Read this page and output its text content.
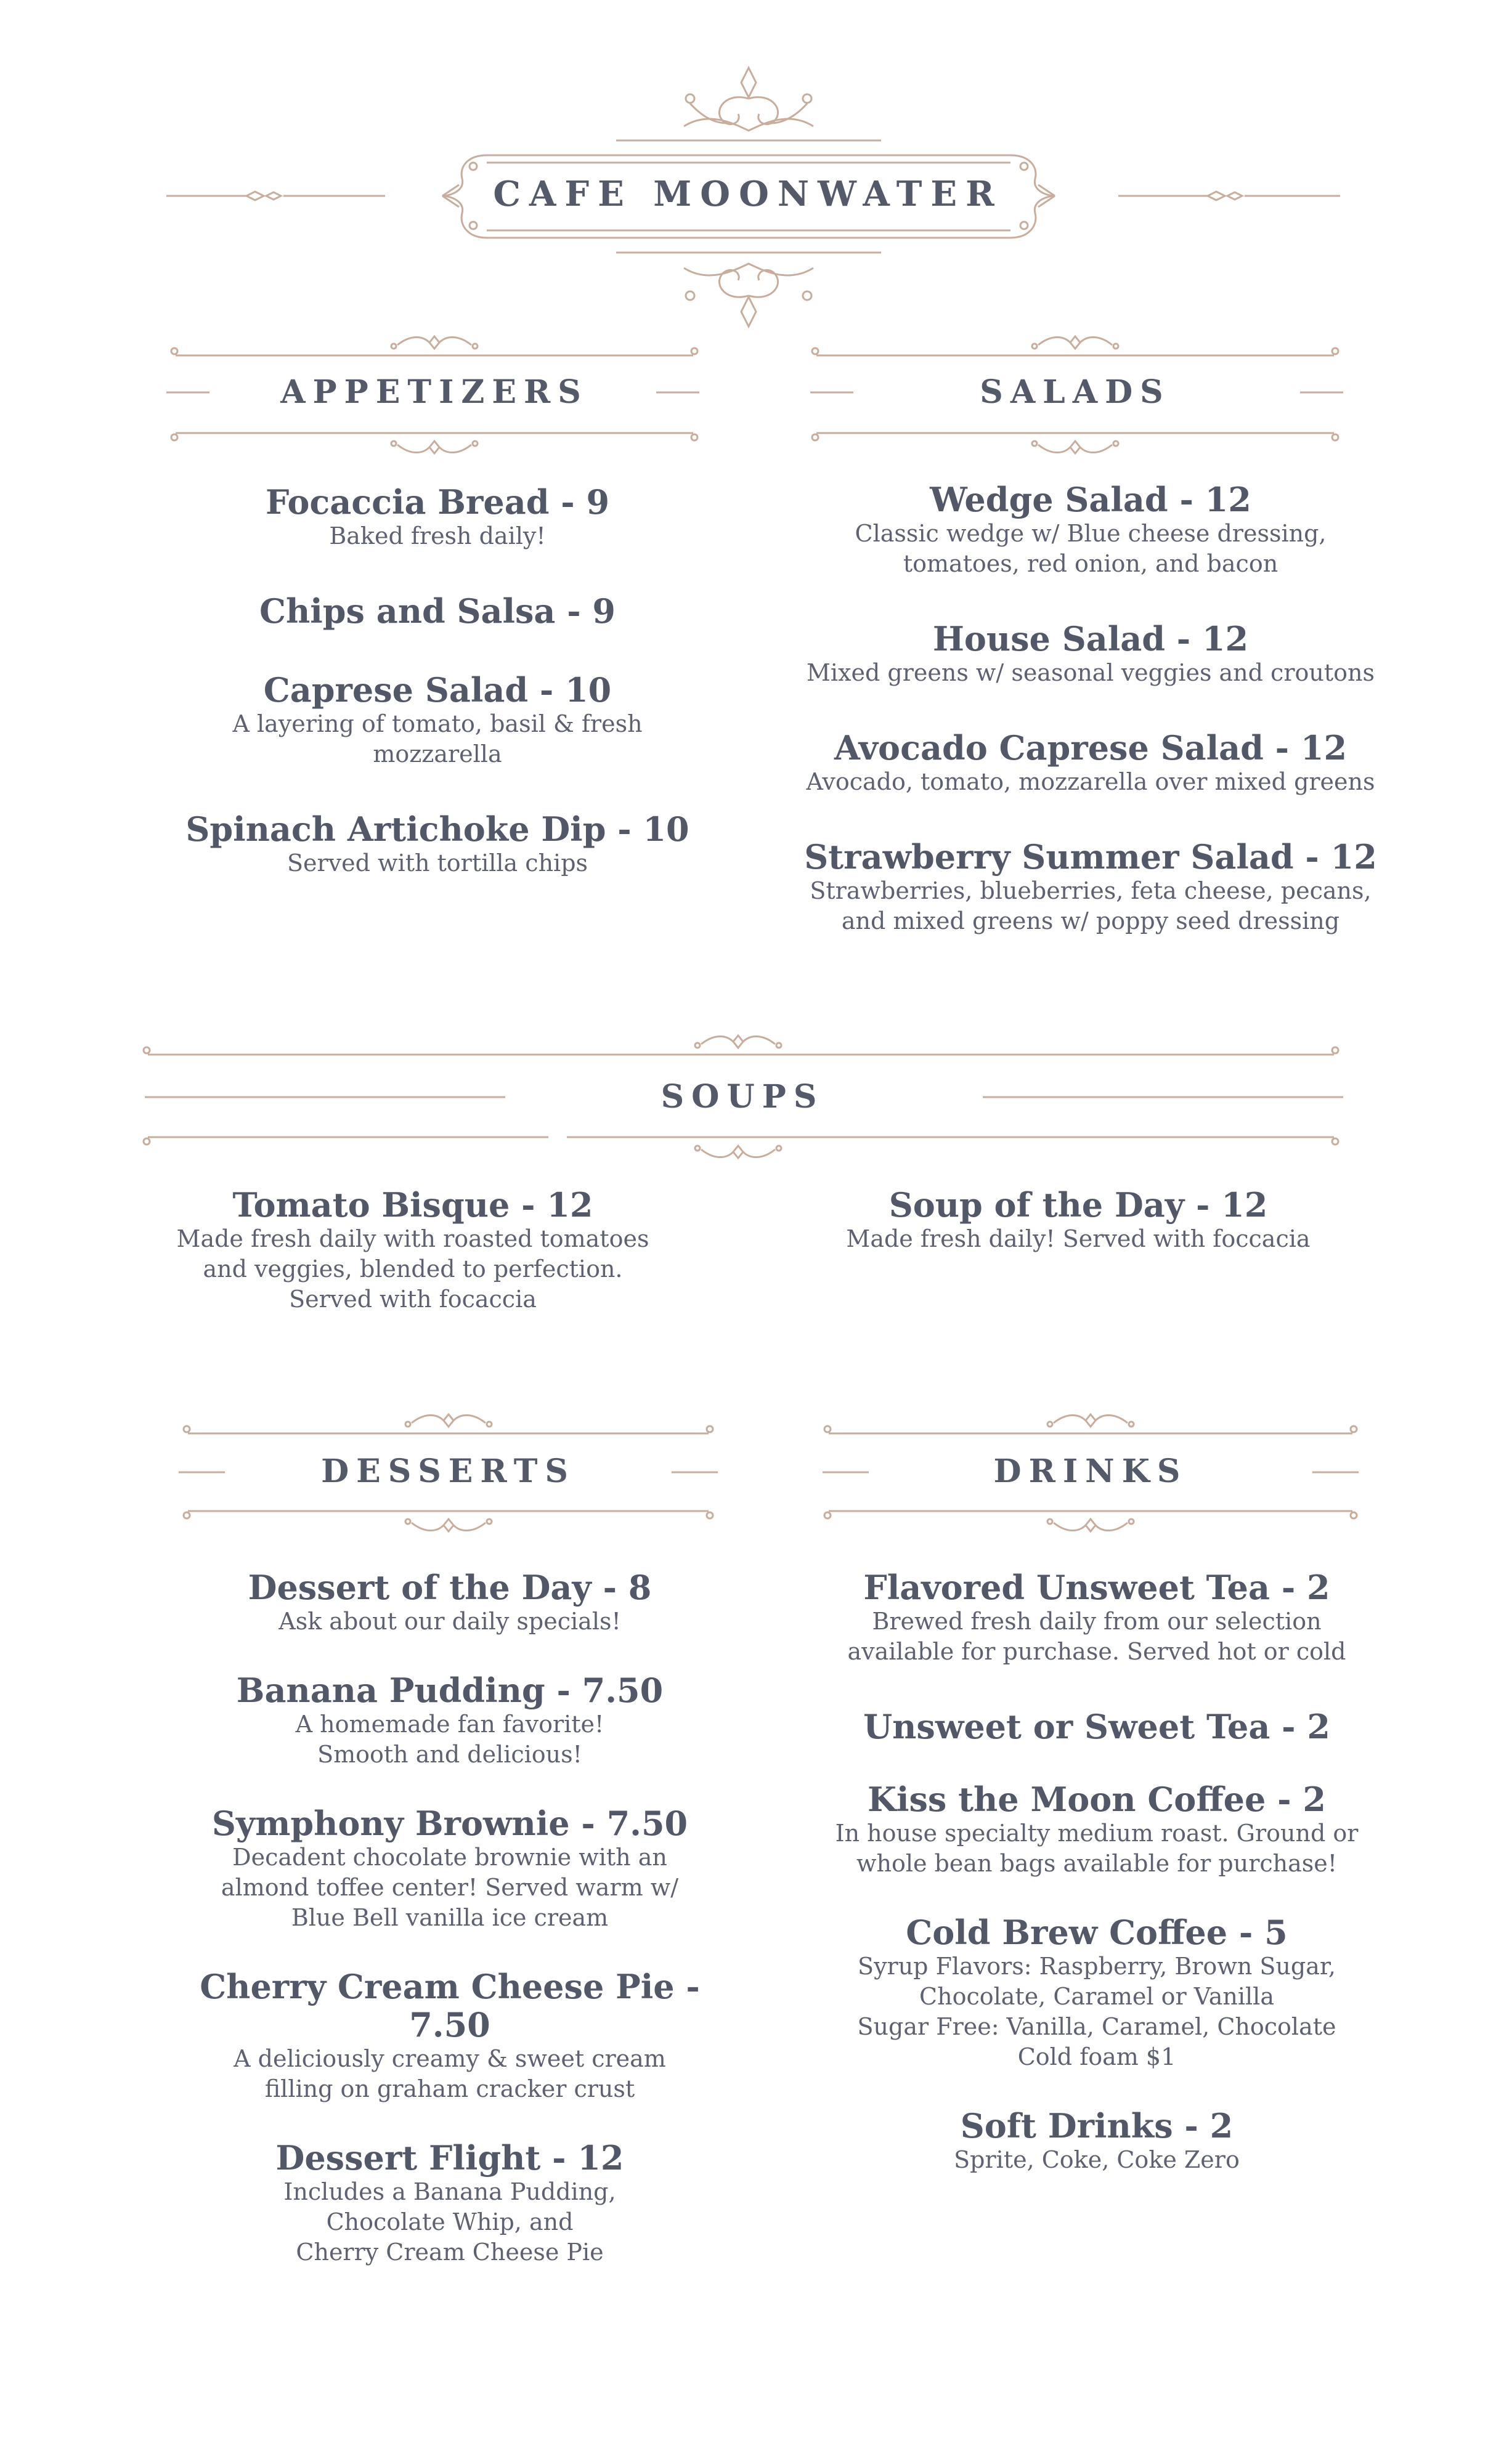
CAFE MOONWATER
APPETIZERS	SALADS
SOUPS
DESSERTS	DRINKS
Focaccia Bread - 9
Baked fresh daily!
Chips and Salsa - 9
Caprese Salad - 10
A layering of tomato, basil & fresh
mozzarella
Spinach Artichoke Dip - 10
Served with tortilla chips
Wedge Salad - 12
Classic wedge w/ Blue cheese dressing,
tomatoes, red onion, and bacon
House Salad - 12
Mixed greens w/ seasonal veggies and croutons
Avocado Caprese Salad - 12
Avocado, tomato, mozzarella over mixed greens
Strawberry Summer Salad - 12
Strawberries, blueberries, feta cheese, pecans,
and mixed greens w/ poppy seed dressing
Tomato Bisque - 12
Made fresh daily with roasted tomatoes
and veggies, blended to perfection.
Served with focaccia
Soup of the Day - 12
Made fresh daily! Served with foccacia
Dessert of the Day - 8
Ask about our daily specials!
Banana Pudding - 7.50
A homemade fan favorite!
Smooth and delicious!
Symphony Brownie - 7.50
Decadent chocolate brownie with an
almond toffee center! Served warm w/
Blue Bell vanilla ice cream
Cherry Cream Cheese Pie - 7.50
A deliciously creamy & sweet cream
filling on graham cracker crust
Dessert Flight - 12
Includes a Banana Pudding,
Chocolate Whip, and
Cherry Cream Cheese Pie
Flavored Unsweet Tea - 2
Brewed fresh daily from our selection
available for purchase. Served hot or cold
Unsweet or Sweet Tea - 2
Kiss the Moon Coffee - 2
In house specialty medium roast. Ground or
whole bean bags available for purchase!
Cold Brew Coffee - 5
Syrup Flavors: Raspberry, Brown Sugar,
Chocolate, Caramel or Vanilla
Sugar Free: Vanilla, Caramel, Chocolate
Cold foam $1
Soft Drinks - 2
Sprite, Coke, Coke Zero
